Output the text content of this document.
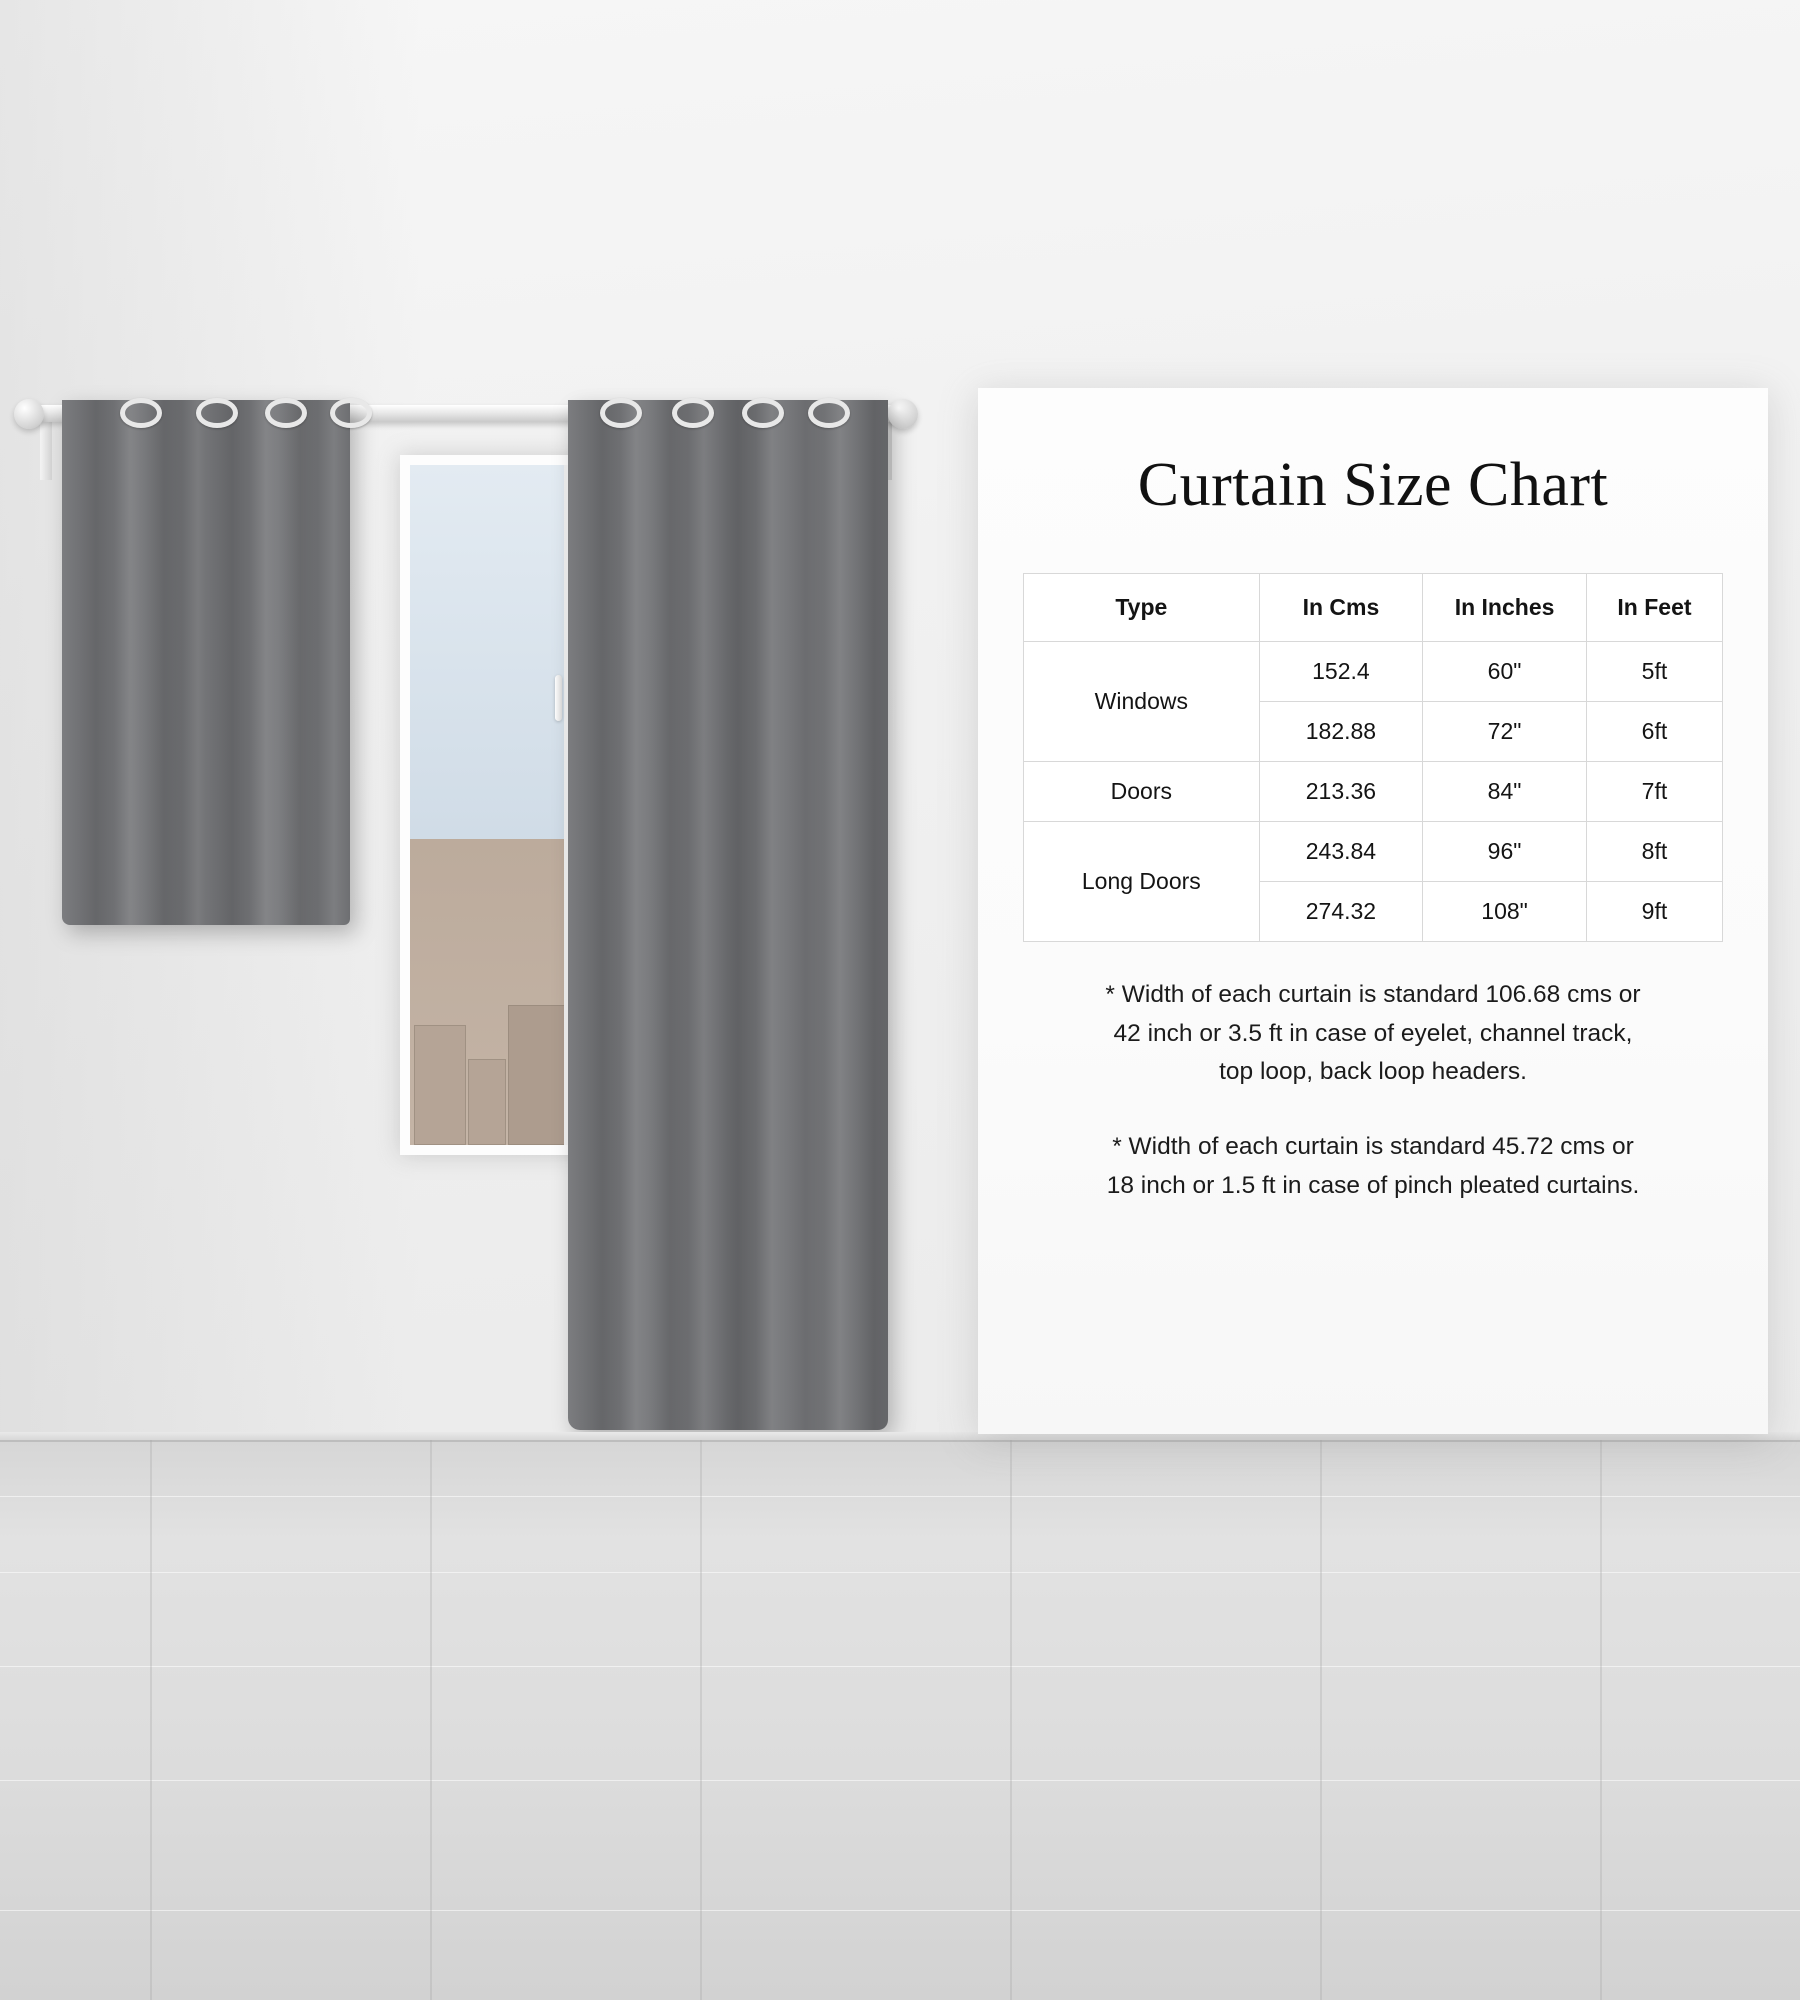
Curtain Size Chart
Type	In Cms	In Inches	In Feet
Windows	152.4	60"	5ft
	182.88	72"	6ft
Doors	213.36	84"	7ft
Long Doors	243.84	96"	8ft
	274.32	108"	9ft
* Width of each curtain is standard 106.68 cms or
42 inch or 3.5 ft in case of eyelet, channel track,
top loop, back loop headers.
* Width of each curtain is standard 45.72 cms or
18 inch or 1.5 ft in case of pinch pleated curtains.
